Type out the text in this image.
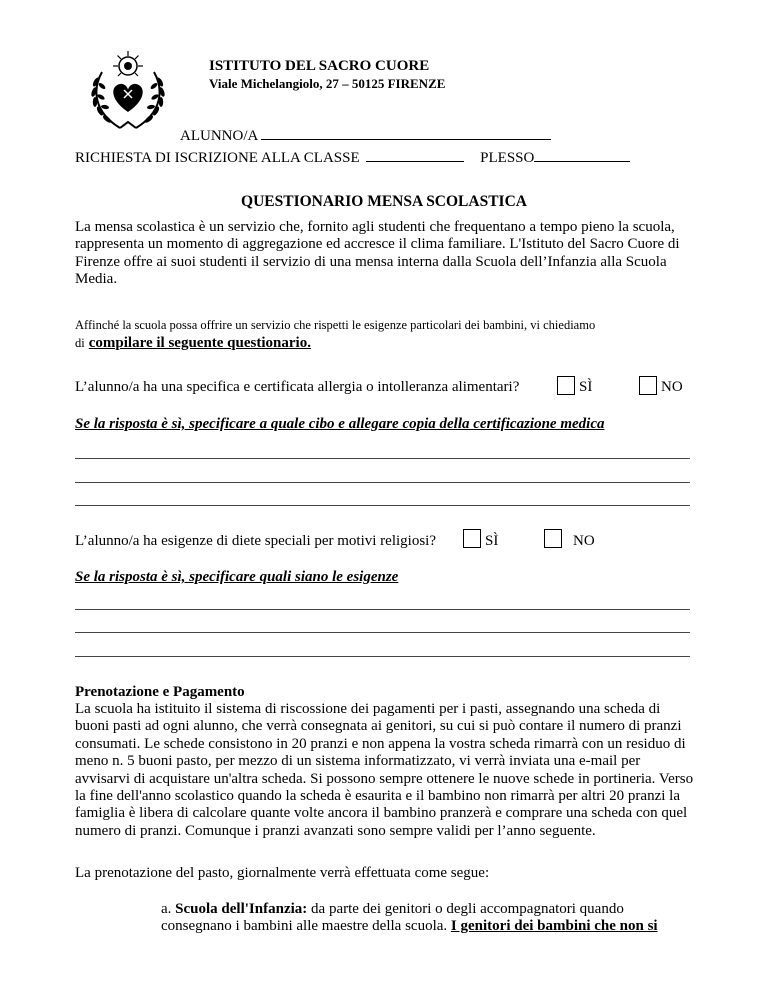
ISTITUTO DEL SACRO CUORE
Viale Michelangiolo, 27 – 50125 FIRENZE
ALUNNO/A
RICHIESTA DI ISCRIZIONE ALLA CLASSE	PLESSO
QUESTIONARIO MENSA SCOLASTICA
La mensa scolastica è un servizio che, fornito agli studenti che frequentano a tempo pieno la scuola, rappresenta un momento di aggregazione ed accresce il clima familiare. L'Istituto del Sacro Cuore di Firenze offre ai suoi studenti il servizio di una mensa interna dalla Scuola dell’Infanzia alla Scuola Media.
Affinché la scuola possa offrire un servizio che rispetti le esigenze particolari dei bambini, vi chiediamo
di compilare il seguente questionario.
L’alunno/a ha una specifica e certificata allergia o intolleranza alimentari?	SÌ	NO
Se la risposta è sì, specificare a quale cibo e allegare copia della certificazione medica
L’alunno/a ha esigenze di diete speciali per motivi religiosi?	SÌ	NO
Se la risposta è sì, specificare quali siano le esigenze
Prenotazione e Pagamento
La scuola ha istituito il sistema di riscossione dei pagamenti per i pasti, assegnando una scheda di buoni pasti ad ogni alunno, che verrà consegnata ai genitori, su cui si può contare il numero di pranzi consumati. Le schede consistono in 20 pranzi e non appena la vostra scheda rimarrà con un residuo di meno n. 5 buoni pasto, per mezzo di un sistema informatizzato, vi verrà inviata una e-mail per avvisarvi di acquistare un'altra scheda. Si possono sempre ottenere le nuove schede in portineria. Verso la fine dell'anno scolastico quando la scheda è esaurita e il bambino non rimarrà per altri 20 pranzi la famiglia è libera di calcolare quante volte ancora il bambino pranzerà e comprare una scheda con quel numero di pranzi. Comunque i pranzi avanzati sono sempre validi per l’anno seguente.
La prenotazione del pasto, giornalmente verrà effettuata come segue:
a. Scuola dell'Infanzia: da parte dei genitori o degli accompagnatori quando consegnano i bambini alle maestre della scuola. I genitori dei bambini che non si
